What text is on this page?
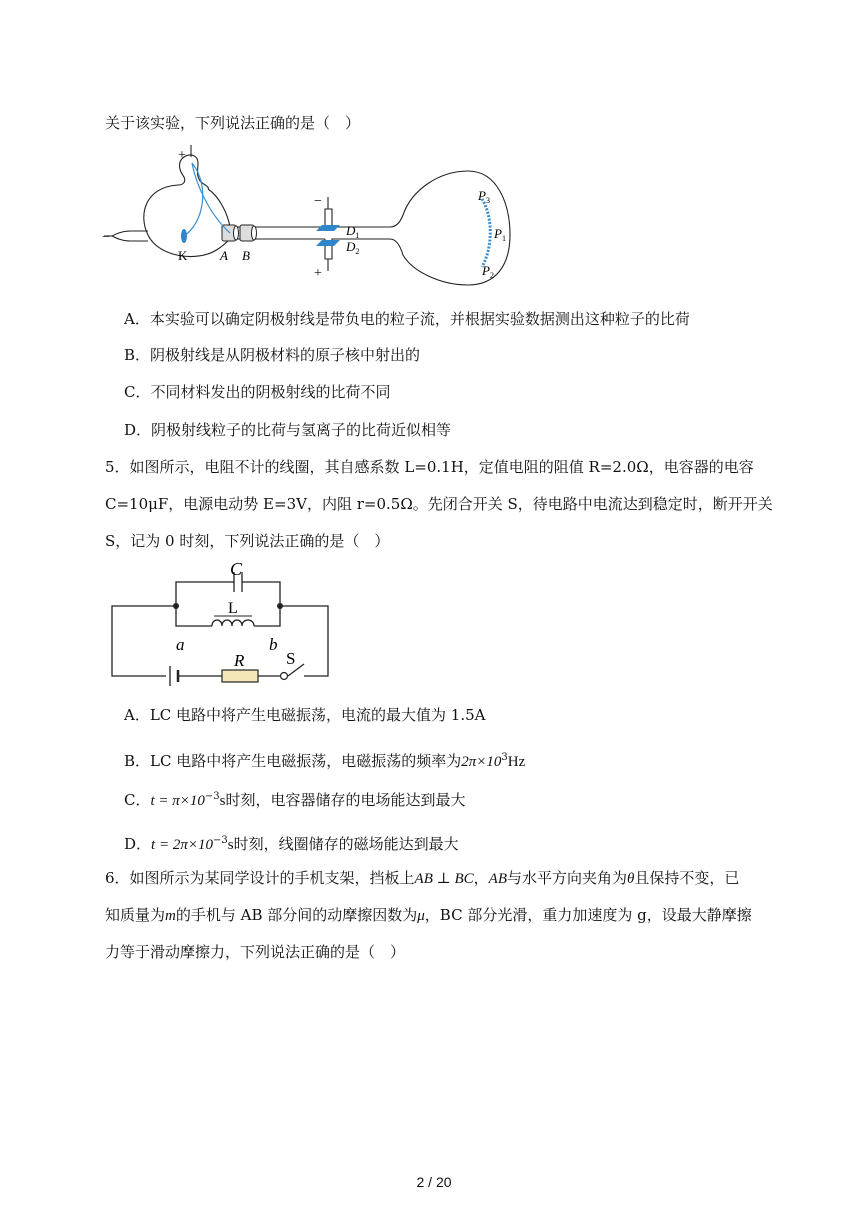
关于该实验，下列说法正确的是（　）
+
−
K	A B
−
+
$D_1$
$D_2$
$P_3$
$P_1$
$P_2$
A．本实验可以确定阴极射线是带负电的粒子流，并根据实验数据测出这种粒子的比荷
B．阴极射线是从阴极材料的原子核中射出的
C．不同材料发出的阴极射线的比荷不同
D．阴极射线粒子的比荷与氢离子的比荷近似相等
5．如图所示，电阻不计的线圈，其自感系数 L=0.1H，定值电阻的阻值 R=2.0Ω，电容器的电容
C=10μF，电源电动势 E=3V，内阻 r=0.5Ω。先闭合开关 S，待电路中电流达到稳定时，断开开关
S，记为 0 时刻，下列说法正确的是（　）
C
L
a	b
R S
A．LC 电路中将产生电磁振荡，电流的最大值为 1.5A
B．LC 电路中将产生电磁振荡，电磁振荡的频率为$2\pi\times 10^3Hz$
C．$t = \pi\times 10^{-3}s$时刻，电容器储存的电场能达到最大
D．$t = 2\pi\times 10^{-3}s$时刻，线圈储存的磁场能达到最大
6．如图所示为某同学设计的手机支架，挡板上AB ⊥ BC，AB与水平方向夹角为θ且保持不变，已
知质量为m的手机与 AB 部分间的动摩擦因数为μ，BC 部分光滑，重力加速度为 g，设最大静摩擦
力等于滑动摩擦力，下列说法正确的是（　）
2 / 20
